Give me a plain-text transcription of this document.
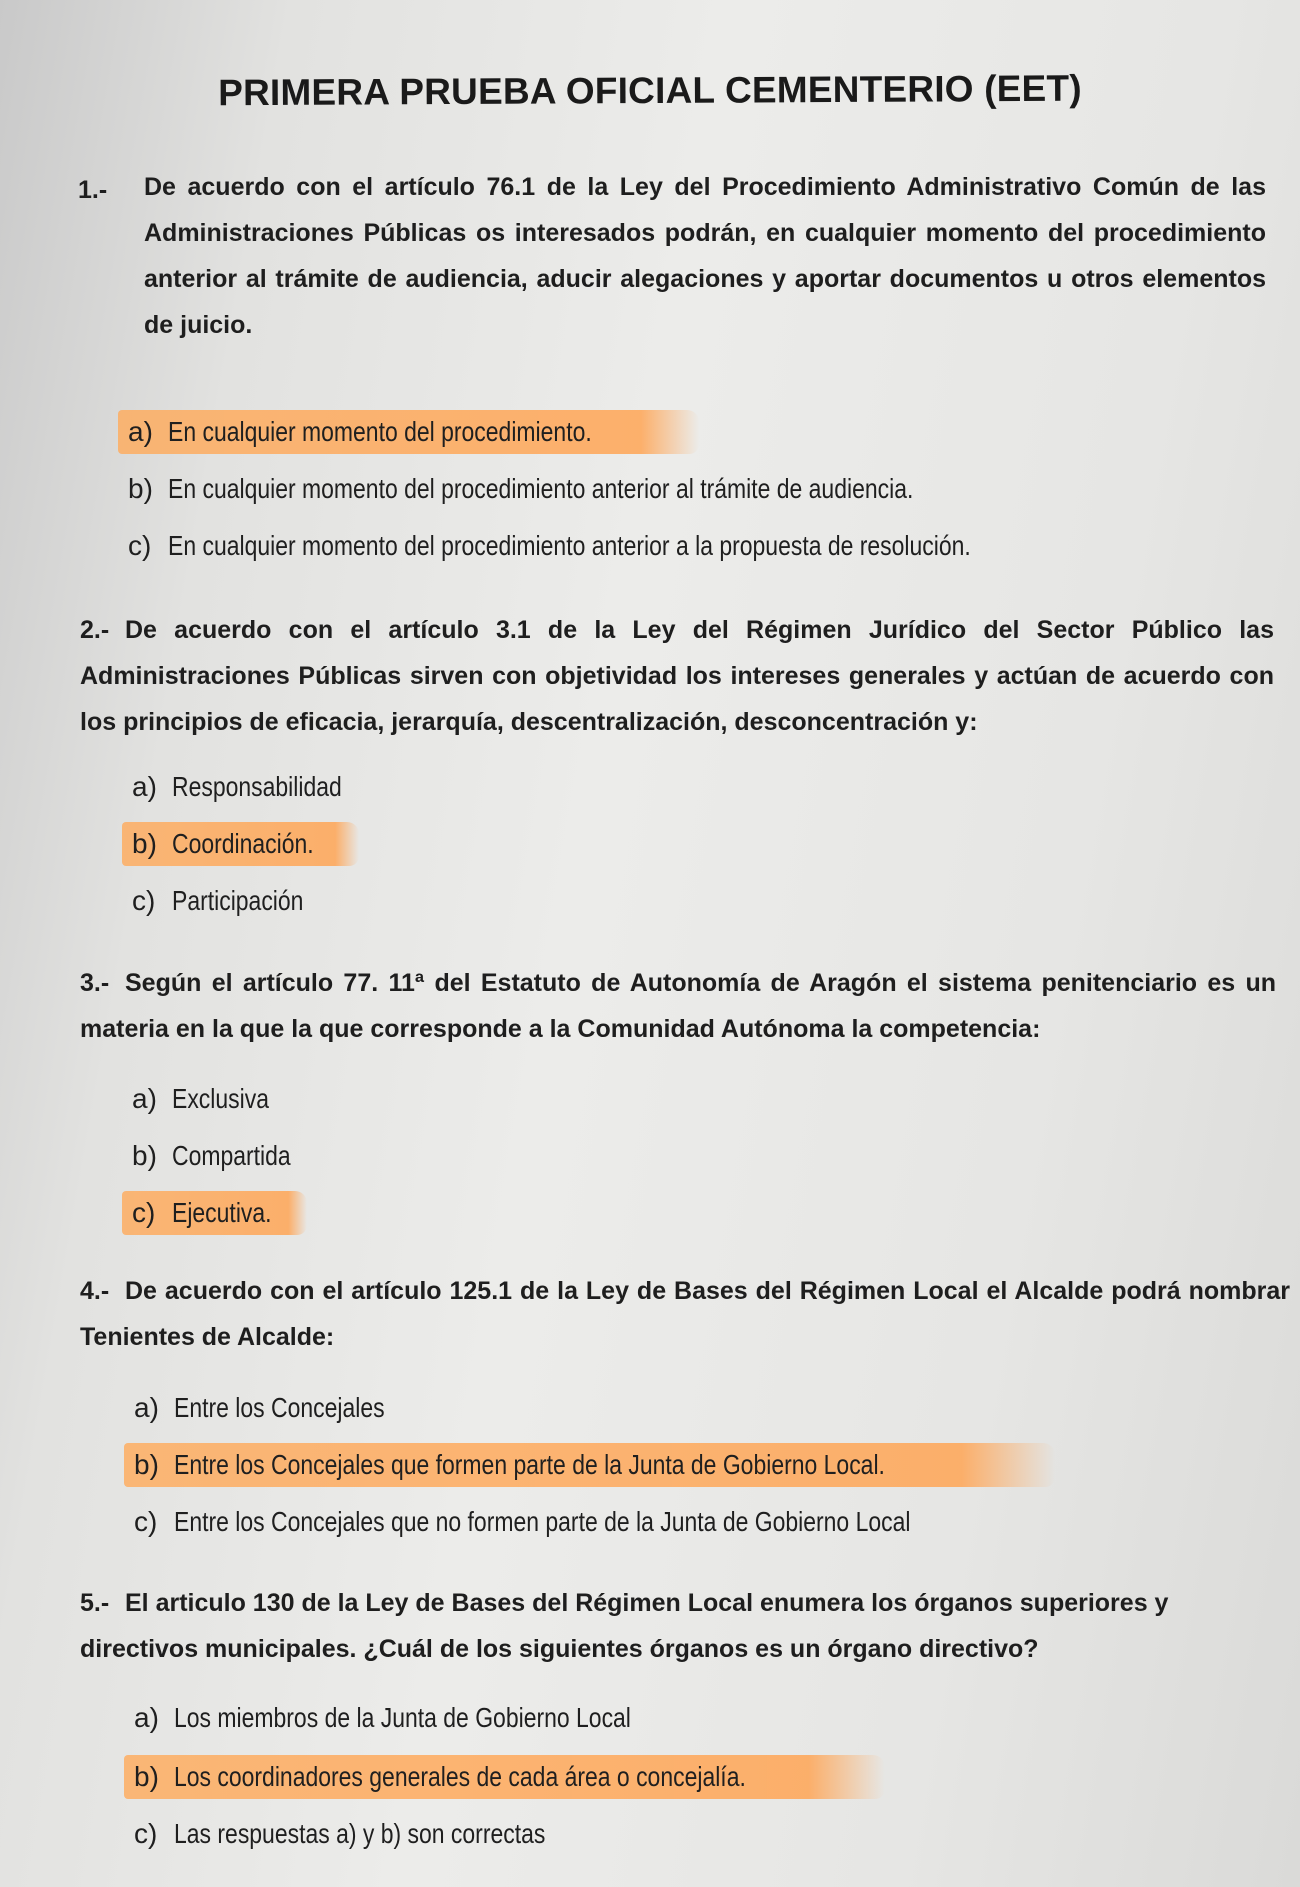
PRIMERA PRUEBA OFICIAL CEMENTERIO (EET)
1.- De acuerdo con el artículo 76.1 de la Ley del Procedimiento Administrativo Común de las Administraciones Públicas os interesados podrán, en cualquier momento del procedimiento anterior al trámite de audiencia, aducir alegaciones y aportar documentos u otros elementos de juicio.
a) En cualquier momento del procedimiento.
b) En cualquier momento del procedimiento anterior al trámite de audiencia.
c) En cualquier momento del procedimiento anterior a la propuesta de resolución.
2.- De acuerdo con el artículo 3.1 de la Ley del Régimen Jurídico del Sector Público las Administraciones Públicas sirven con objetividad los intereses generales y actúan de acuerdo con los principios de eficacia, jerarquía, descentralización, desconcentración y:
a) Responsabilidad
b) Coordinación.
c) Participación
3.- Según el artículo 77. 11ª del Estatuto de Autonomía de Aragón el sistema penitenciario es un materia en la que la que corresponde a la Comunidad Autónoma la competencia:
a) Exclusiva
b) Compartida
c) Ejecutiva.
4.- De acuerdo con el artículo 125.1 de la Ley de Bases del Régimen Local el Alcalde podrá nombrar Tenientes de Alcalde:
a) Entre los Concejales
b) Entre los Concejales que formen parte de la Junta de Gobierno Local.
c) Entre los Concejales que no formen parte de la Junta de Gobierno Local
5.- El articulo 130 de la Ley de Bases del Régimen Local enumera los órganos superiores y directivos municipales. ¿Cuál de los siguientes órganos es un órgano directivo?
a) Los miembros de la Junta de Gobierno Local
b) Los coordinadores generales de cada área o concejalía.
c) Las respuestas a) y b) son correctas
